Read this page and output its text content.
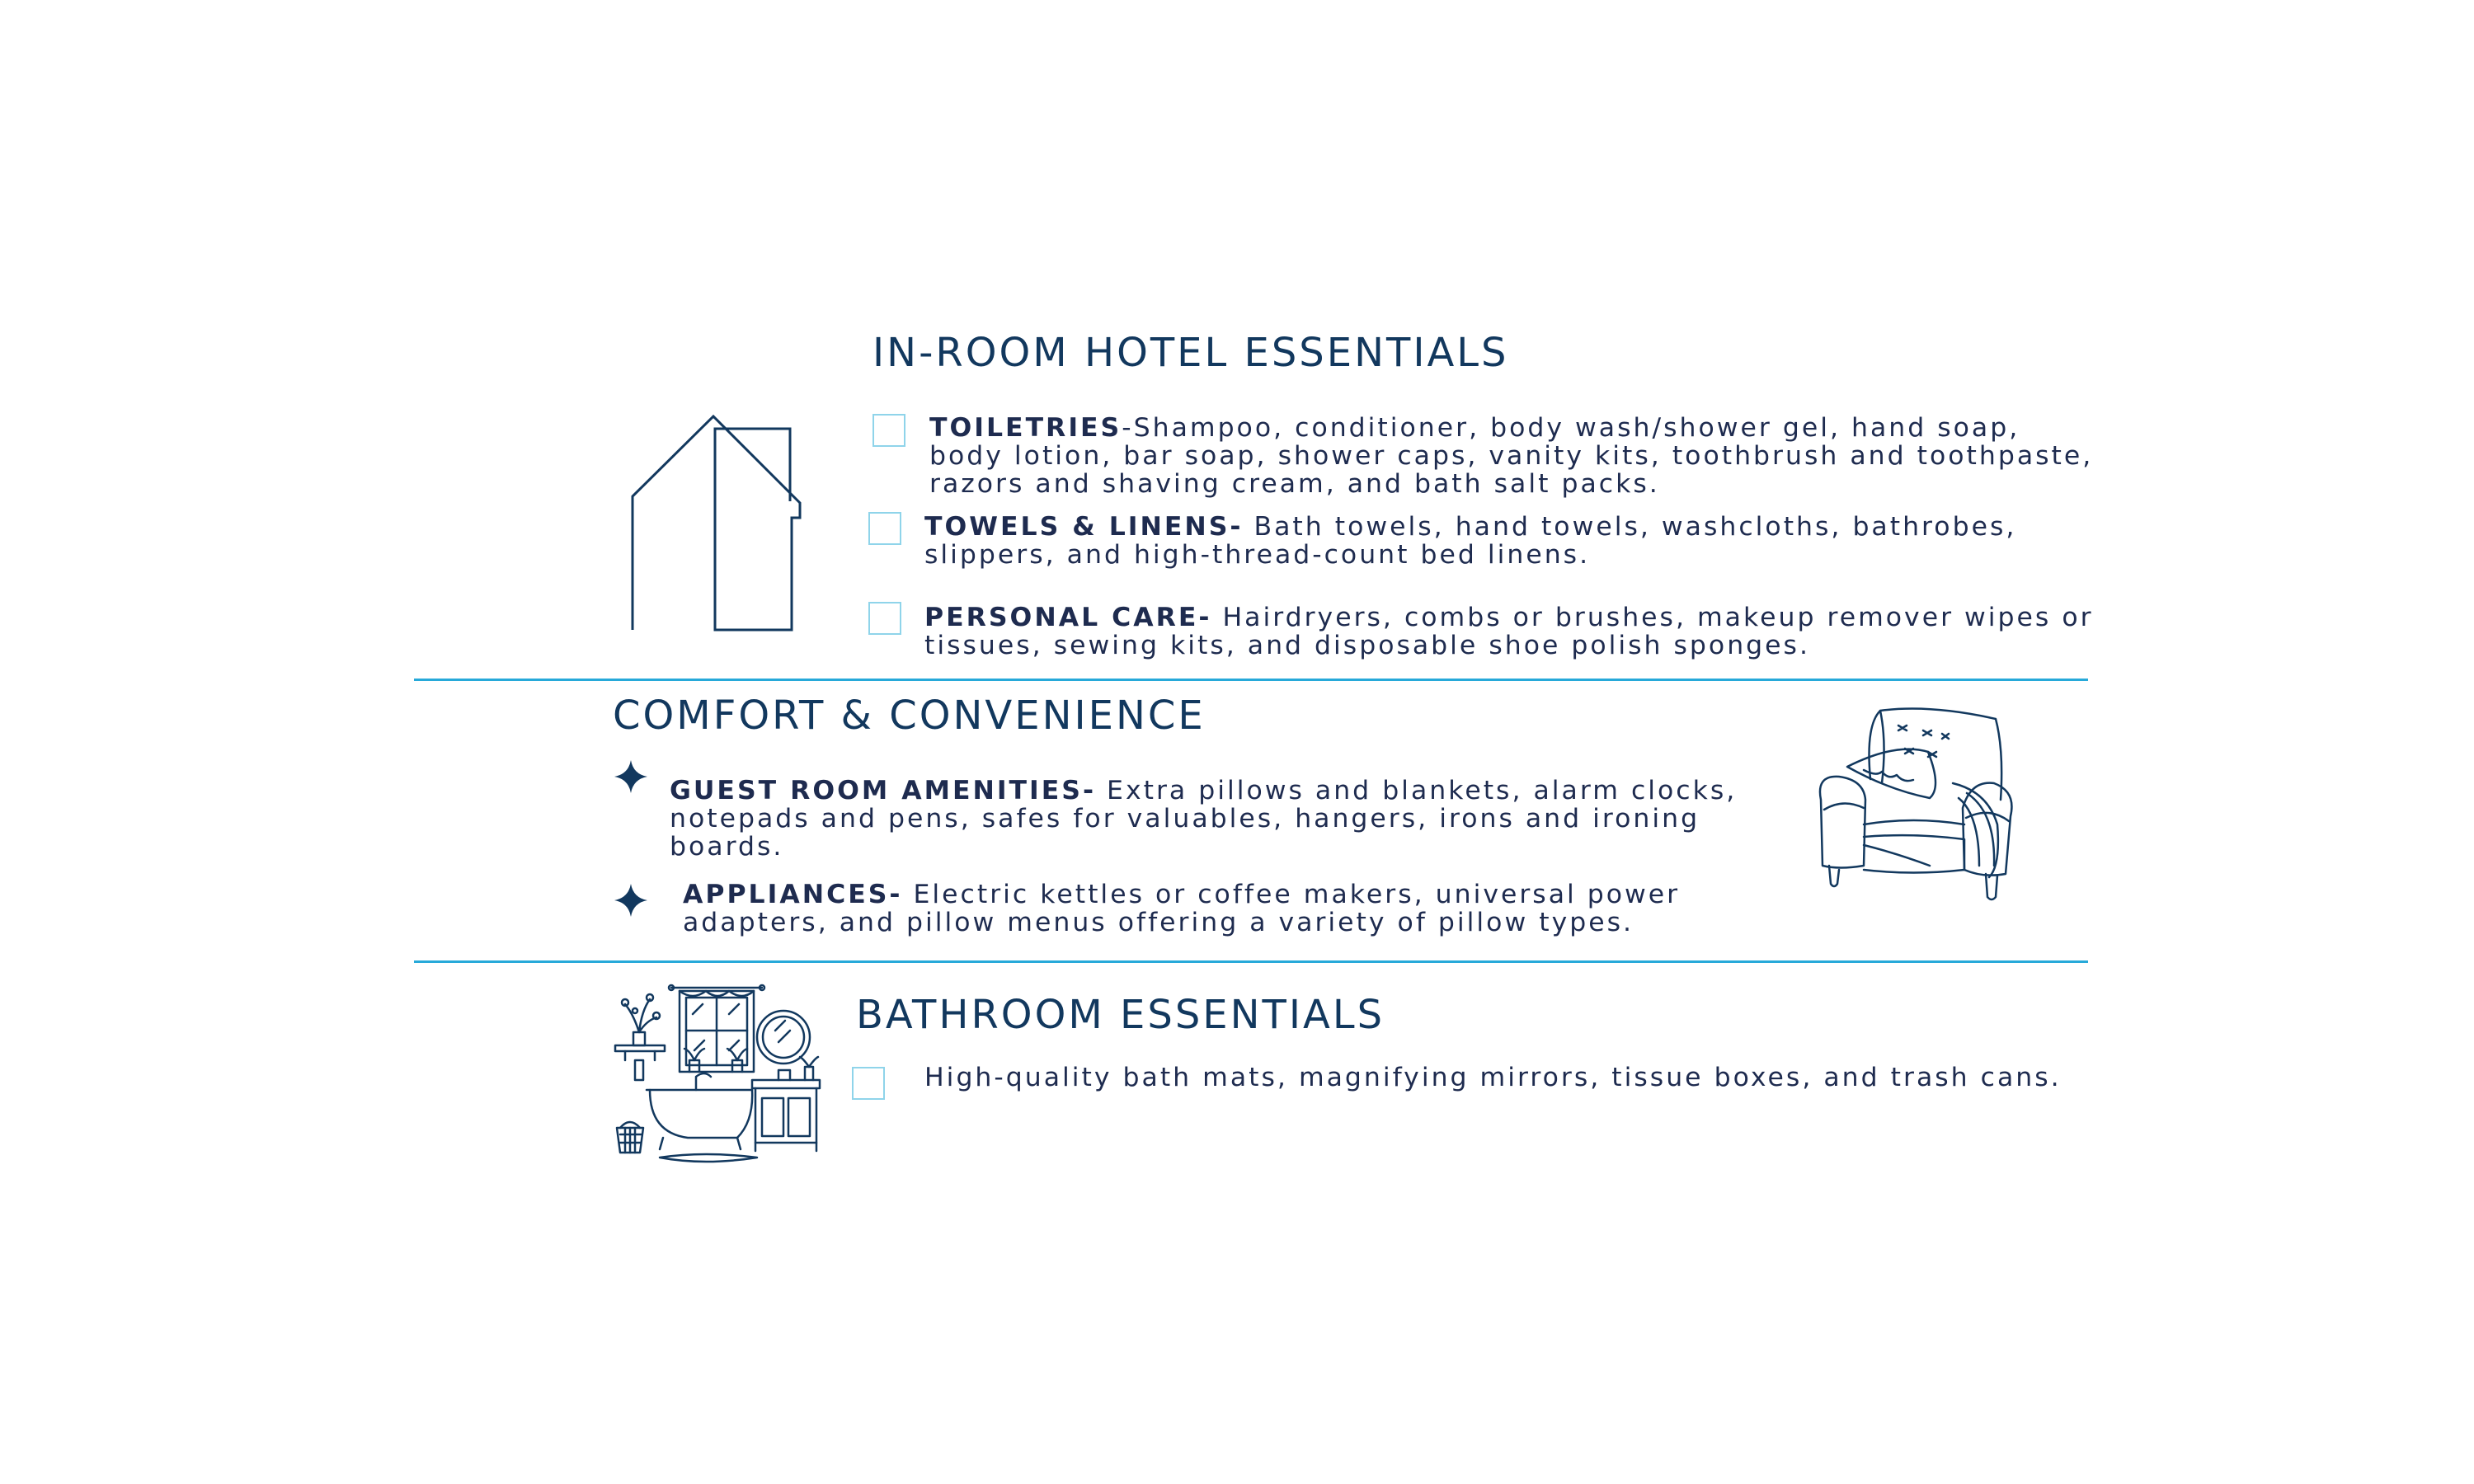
IN-ROOM HOTEL ESSENTIALS
TOILETRIES-Shampoo, conditioner, body wash/shower gel, hand soap, body lotion, bar soap, shower caps, vanity kits, toothbrush and toothpaste, razors and shaving cream, and bath salt packs.
TOWELS & LINENS- Bath towels, hand towels, washcloths, bathrobes, slippers, and high-thread-count bed linens.
PERSONAL CARE- Hairdryers, combs or brushes, makeup remover wipes or tissues, sewing kits, and disposable shoe polish sponges.
COMFORT & CONVENIENCE
GUEST ROOM AMENITIES- Extra pillows and blankets, alarm clocks, notepads and pens, safes for valuables, hangers, irons and ironing boards.
APPLIANCES- Electric kettles or coffee makers, universal power adapters, and pillow menus offering a variety of pillow types.
BATHROOM ESSENTIALS
High-quality bath mats, magnifying mirrors, tissue boxes, and trash cans.
